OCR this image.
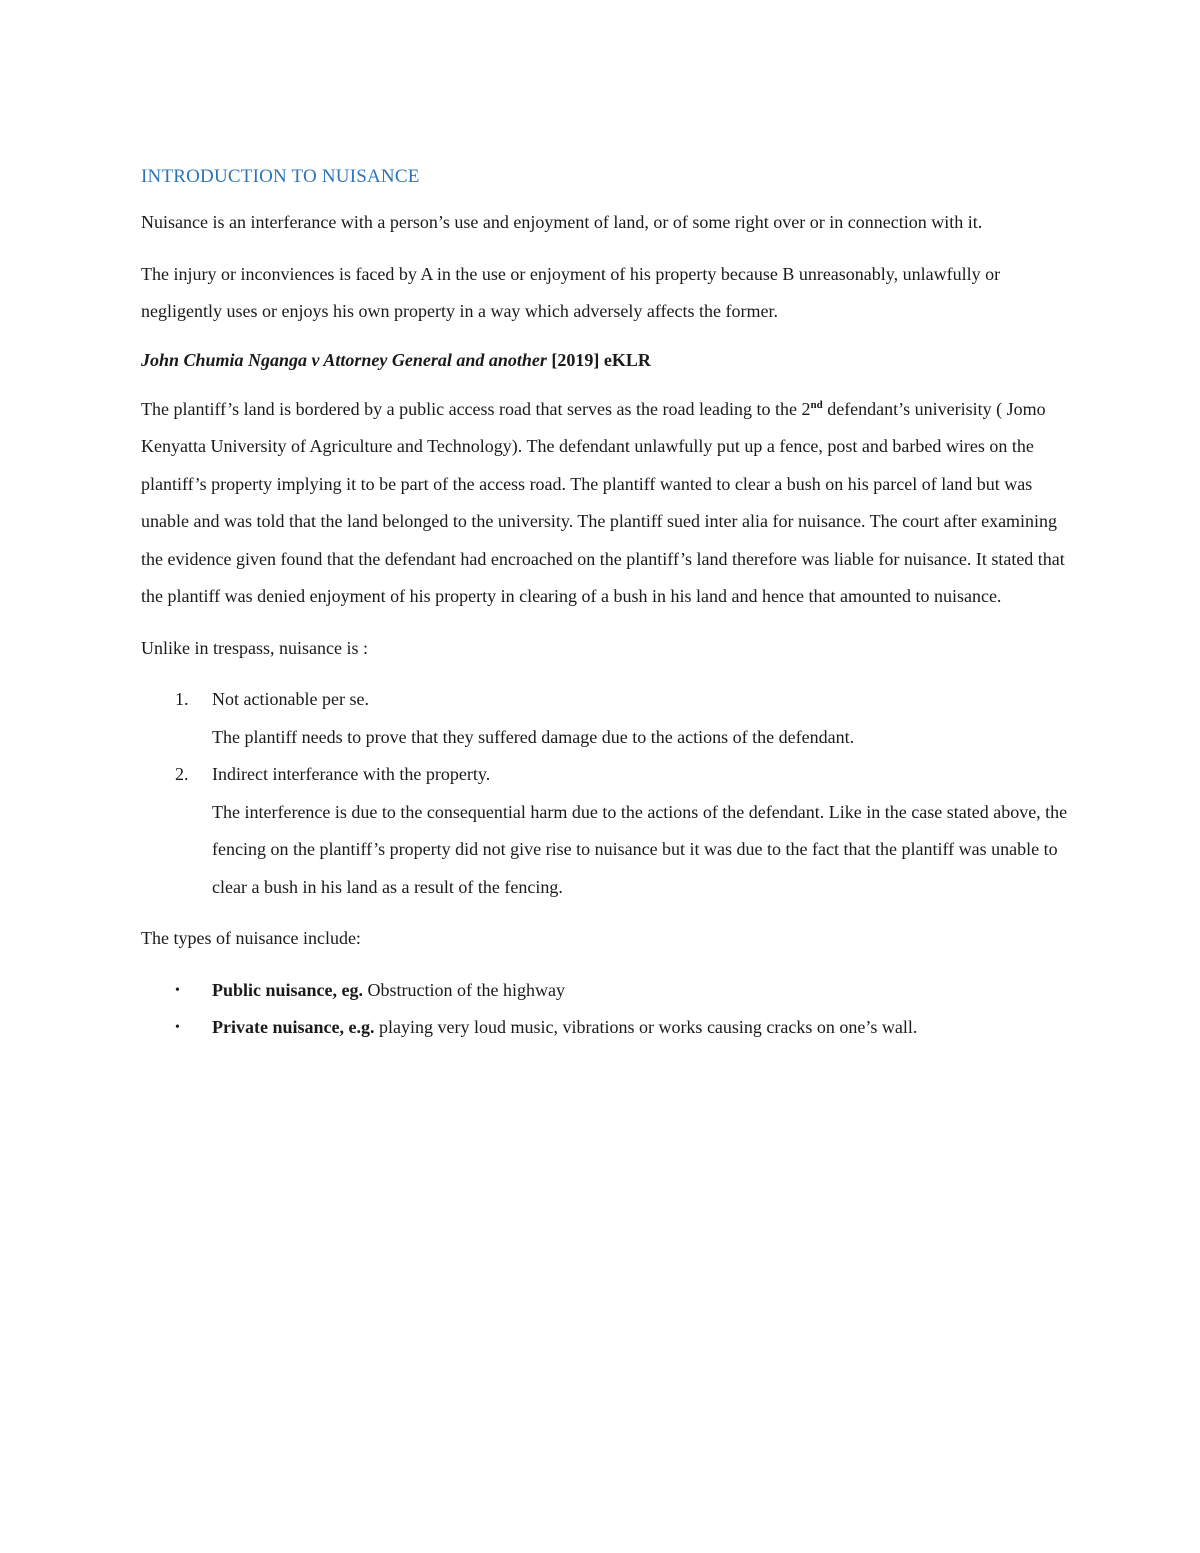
INTRODUCTION TO NUISANCE

Nuisance is an interferance with a person’s use and enjoyment of land, or of some right over or in connection with it.

The injury or inconviences is faced by A in the use or enjoyment of his property because B unreasonably, unlawfully or negligently uses or enjoys his own property in a way which adversely affects the former.

John Chumia Nganga v Attorney General and another [2019] eKLR

The plantiff’s land is bordered by a public access road that serves as the road leading to the 2nd defendant’s univerisity ( Jomo Kenyatta University of Agriculture and Technology). The defendant unlawfully put up a fence, post and barbed wires on the plantiff’s property implying it to be part of the access road. The plantiff wanted to clear a bush on his parcel of land but was unable and was told that the land belonged to the university. The plantiff sued inter alia for nuisance. The court after examining the evidence given found that the defendant had encroached on the plantiff’s land therefore was liable for nuisance. It stated that the plantiff was denied enjoyment of his property in clearing of a bush in his land and hence that amounted to nuisance.

Unlike in trespass, nuisance is :

1. Not actionable per se.
The plantiff needs to prove that they suffered damage due to the actions of the defendant.
2. Indirect interferance with the property.
The interference is due to the consequential harm due to the actions of the defendant. Like in the case stated above, the fencing on the plantiff’s property did not give rise to nuisance but it was due to the fact that the plantiff was unable to clear a bush in his land as a result of the fencing.

The types of nuisance include:

• Public nuisance, eg. Obstruction of the highway
• Private nuisance, e.g. playing very loud music, vibrations or works causing cracks on one’s wall.
